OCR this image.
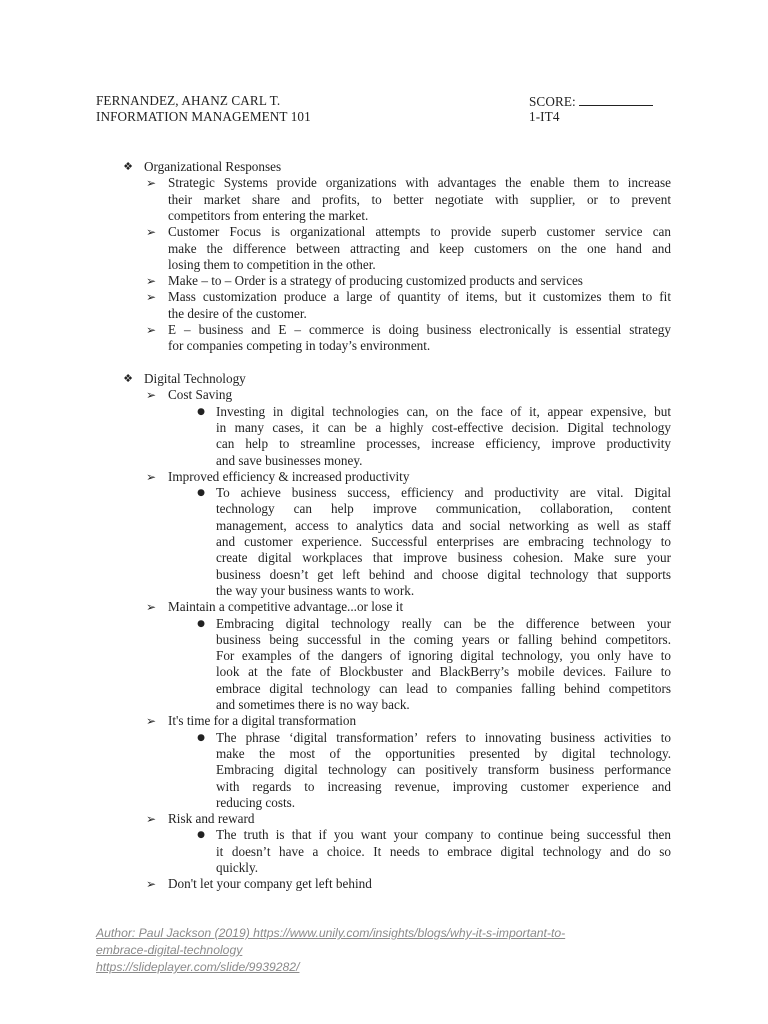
FERNANDEZ, AHANZ CARL T.
INFORMATION MANAGEMENT 101
SCORE:
1-IT4
❖ Organizational Responses
➢ Strategic Systems provide organizations with advantages the enable them to increase
their market share and profits, to better negotiate with supplier, or to prevent
competitors from entering the market.
➢ Customer Focus is organizational attempts to provide superb customer service can
make the difference between attracting and keep customers on the one hand and
losing them to competition in the other.
➢ Make – to – Order is a strategy of producing customized products and services
➢ Mass customization produce a large of quantity of items, but it customizes them to fit
the desire of the customer.
➢ E – business and E – commerce is doing business electronically is essential strategy
for companies competing in today’s environment.
❖ Digital Technology
➢ Cost Saving
● Investing in digital technologies can, on the face of it, appear expensive, but
in many cases, it can be a highly cost-effective decision. Digital technology
can help to streamline processes, increase efficiency, improve productivity
and save businesses money.
➢ Improved efficiency & increased productivity
● To achieve business success, efficiency and productivity are vital. Digital
technology can help improve communication, collaboration, content
management, access to analytics data and social networking as well as staff
and customer experience. Successful enterprises are embracing technology to
create digital workplaces that improve business cohesion. Make sure your
business doesn’t get left behind and choose digital technology that supports
the way your business wants to work.
➢ Maintain a competitive advantage...or lose it
● Embracing digital technology really can be the difference between your
business being successful in the coming years or falling behind competitors.
For examples of the dangers of ignoring digital technology, you only have to
look at the fate of Blockbuster and BlackBerry’s mobile devices. Failure to
embrace digital technology can lead to companies falling behind competitors
and sometimes there is no way back.
➢ It's time for a digital transformation
● The phrase ‘digital transformation’ refers to innovating business activities to
make the most of the opportunities presented by digital technology.
Embracing digital technology can positively transform business performance
with regards to increasing revenue, improving customer experience and
reducing costs.
➢ Risk and reward
● The truth is that if you want your company to continue being successful then
it doesn’t have a choice. It needs to embrace digital technology and do so
quickly.
➢ Don't let your company get left behind
Author: Paul Jackson (2019) https://www.unily.com/insights/blogs/why-it-s-important-to-
embrace-digital-technology
https://slideplayer.com/slide/9939282/
